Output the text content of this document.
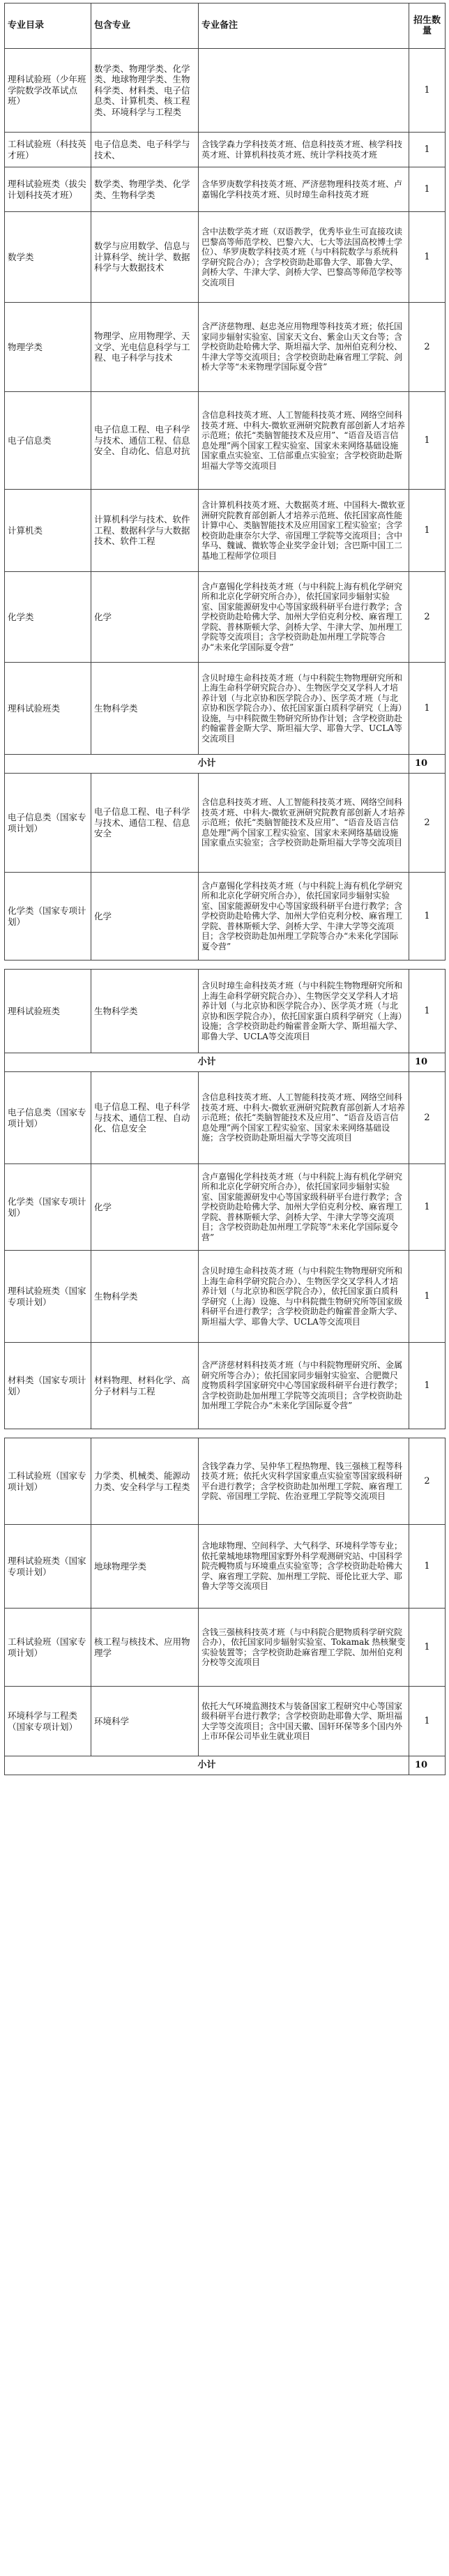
专业目录	包含专业	专业备注	招生数量
理科试验班（少年班学院数学改革试点班）	数学类、物理学类、化学类、地球物理学类、生物科学类、材料类、电子信息类、计算机类、核工程类、环境科学与工程类		1
工科试验班（科技英才班）	电子信息类、电子科学与技术、	含钱学森力学科技英才班、信息科技英才班、核学科技英才班、计算机科技英才班、统计学科技英才班	1
理科试验班类（拔尖计划科技英才班）	数学类、物理学类、化学类、生物科学类	含华罗庚数学科技英才班、严济慈物理科技英才班、卢嘉锡化学科技英才班、贝时璋生命科技英才班	1
数学类	数学与应用数学、信息与计算科学、统计学、数据科学与大数据技术	含中法数学英才班（双语教学，优秀毕业生可直接攻读巴黎高等师范学校、巴黎六大、七大等法国高校博士学位）、华罗庚数学科技英才班（与中科院数学与系统科学研究院合办）；含学校资助赴耶鲁大学、耶鲁大学、剑桥大学、牛津大学、剑桥大学、巴黎高等师范学校等交流项目	1
物理学类	物理学、应用物理学、天文学、光电信息科学与工程、电子科学与技术	含严济慈物理、赵忠尧应用物理等科技英才班；依托国家同步辐射实验室、国家天文台、紫金山天文台等；含学校资助赴哈佛大学、斯坦福大学、加州伯克利分校、牛津大学等交流项目；含学校资助赴麻省理工学院、剑桥大学等“未来物理学国际夏令营”	2
电子信息类	电子信息工程、电子科学与技术、通信工程、信息安全、自动化、信息对抗	含信息科技英才班、人工智能科技英才班、网络空间科技英才班、中科大-微软亚洲研究院教育部创新人才培养示范班；依托“类脑智能技术及应用”、“语音及语言信息处理”两个国家工程实验室、国家未来网络基础设施国家重点实验室、工信部重点实验室；含学校资助赴斯坦福大学等交流项目	1
计算机类	计算机科学与技术、软件工程、数据科学与大数据技术、软件工程	含计算机科技英才班、大数据英才班、中国科大-微软亚洲研究院教育部创新人才培养示范班、依托国家高性能计算中心、类脑智能技术及应用国家工程实验室；含学校资助赴康奈尔大学、帝国理工学院等交流项目；含中华马、魏诚、微软等企业奖学金计划；含巴斯中国工二基地工程师学位项目	1
化学类	化学	含卢嘉锡化学科技英才班（与中科院上海有机化学研究所和北京化学研究所合办），依托国家同步辐射实验室、国家能源研发中心等国家级科研平台进行教学；含学校资助赴哈佛大学、加州大学伯克利分校、麻省理工学院、普林斯顿大学、剑桥大学、牛津大学、加州理工学院等交流项目；含学校资助赴加州理工学院等合办“未来化学国际夏令营”	2
理科试验班类	生物科学类	含贝时璋生命科技英才班（与中科院生物物理研究所和上海生命科学研究院合办）、生物医学交叉学科人才培养计划（与北京协和医学院合办）、医学英才班（与北京协和医学院合办）、依托国家蛋白质科学研究（上海）设施，与中科院微生物研究所协作计划；含学校资助赴约翰霍普金斯大学、斯坦福大学、耶鲁大学、UCLA等交流项目	1
小计			10
电子信息类（国家专项计划）	电子信息工程、电子科学与技术、通信工程、信息安全	含信息科技英才班、人工智能科技英才班、网络空间科技英才班、中科大-微软亚洲研究院教育部创新人才培养示范班；依托“类脑智能技术及应用”、“语音及语言信息处理”两个国家工程实验室、国家未来网络基础设施国家重点实验室；含学校资助赴斯坦福大学等交流项目	2
化学类（国家专项计划）	化学	含卢嘉锡化学科技英才班（与中科院上海有机化学研究所和北京化学研究所合办），依托国家同步辐射实验室、国家能源研发中心等国家级科研平台进行教学；含学校资助赴哈佛大学、加州大学伯克利分校、麻省理工学院、普林斯顿大学、剑桥大学、牛津大学等交流项目；含学校资助赴加州理工学院等合办“未来化学国际夏令营”	1

理科试验班类	生物科学类	含贝时璋生命科技英才班（与中科院生物物理研究所和上海生命科学研究院合办）、生物医学交叉学科人才培养计划（与北京协和医学院合办）、医学英才班（与北京协和医学院合办），依托国家蛋白质科学研究（上海）设施；含学校资助赴约翰霍普金斯大学、斯坦福大学、耶鲁大学、UCLA等交流项目	1
小计			10
电子信息类（国家专项计划）	电子信息工程、电子科学与技术、通信工程、自动化、信息安全	含信息科技英才班、人工智能科技英才班、网络空间科技英才班、中科大-微软亚洲研究院教育部创新人才培养示范班；依托“类脑智能技术及应用”、“语音及语言信息处理”两个国家工程实验室、国家未来网络基础设施；含学校资助赴斯坦福大学等交流项目	2
化学类（国家专项计划）	化学	含卢嘉锡化学科技英才班（与中科院上海有机化学研究所和北京化学研究所合办），依托国家同步辐射实验室、国家能源研发中心等国家级科研平台进行教学；含学校资助赴哈佛大学、加州大学伯克利分校、麻省理工学院、普林斯顿大学、剑桥大学、牛津大学等交流项目；含学校资助赴加州理工学院等“未来化学国际夏令营”	1
理科试验班类（国家专项计划）	生物科学类	含贝时璋生命科技英才班（与中科院生物物理研究所和上海生命科学研究院合办）、生物医学交叉学科人才培养计划（与北京协和医学院合办），依托国家蛋白质科学研究（上海）设施、与中科院微生物研究所等国家级科研平台进行教学；含学校资助赴约翰霍普金斯大学、斯坦福大学、耶鲁大学、UCLA等交流项目	1
材料类（国家专项计划）	材料物理、材料化学、高分子材料与工程	含严济慈材料科技英才班（与中科院物理研究所、金属研究所等合办）；依托国家同步辐射实验室、合肥微尺度物质科学国家研究中心等国家级科研平台进行教学；含学校资助赴加州理工学院等交流项目；含学校资助赴加州理工学院合办“未来化学国际夏令营”	1

工科试验班（国家专项计划）	力学类、机械类、能源动力类、安全科学与工程类	含钱学森力学、吴仲华工程热物理、钱三强核工程等科技英才班；依托火灾科学国家重点实验室等国家级科研平台进行教学；含学校资助赴加州理工学院、麻省理工学院、帝国理工学院、佐治亚理工学院等交流项目	2
理科试验班类（国家专项计划）	地球物理学类	含地球物理、空间科学、大气科学、环境科学等专业；依托蒙城地球物理国家野外科学观测研究站、中国科学院壳幔物质与环境重点实验室等；含学校资助赴哈佛大学、麻省理工学院、加州理工学院、哥伦比亚大学、耶鲁大学等交流项目	1
工科试验班（国家专项计划）	核工程与核技术、应用物理学	含钱三强核科技英才班（与中科院合肥物质科学研究院合办），依托国家同步辐射实验室、Tokamak 热核聚变实验装置等；含学校资助赴麻省理工学院、加州伯克利分校等交流项目	1
环境科学与工程类（国家专项计划）	环境科学	依托大气环境监测技术与装备国家工程研究中心等国家级科研平台进行教学；含学校资助赴耶鲁大学、斯坦福大学等交流项目；含中国天徽、国轩环保等多个国内外上市环保公司毕业生就业项目	1
小计			10
